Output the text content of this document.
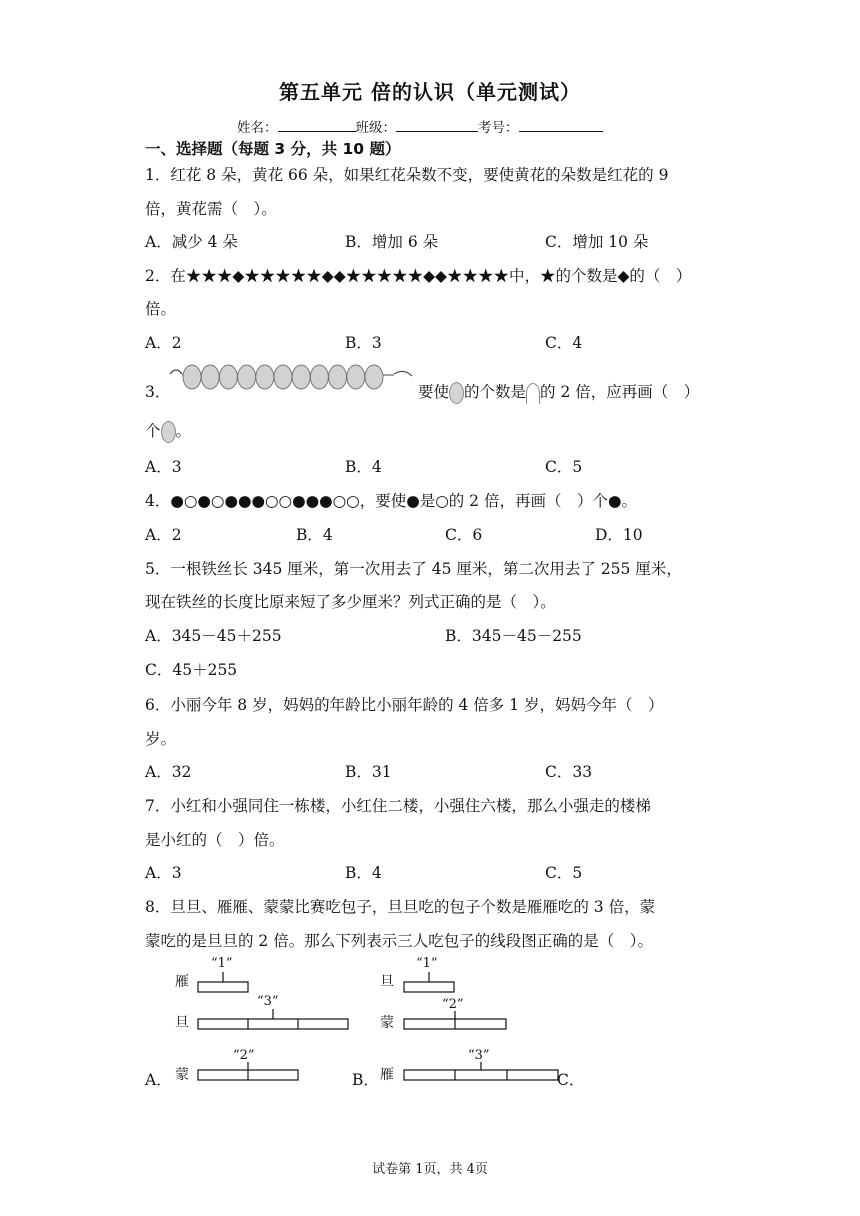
第五单元 倍的认识（单元测试）
姓名：	班级：	考号：
一、选择题（每题 3 分，共 10 题）
1．红花 8 朵，黄花 66 朵，如果红花朵数不变，要使黄花的朵数是红花的 9
倍，黄花需（　）。
A．减少 4 朵	B．增加 6 朵	C．增加 10 朵
2．在★★★◆★★★★★◆◆★★★★★◆◆★★★★中，★的个数是◆的（　）
倍。
A．2	B．3	C．4
3．	要使 的个数是 的 2 倍，应再画（　）
个 。
A．3	B．4	C．5
4．●○●○●●●○○●●●○○，要使●是○的 2 倍，再画（　）个●。
A．2	B．4	C．6	D．10
5．一根铁丝长 345 厘米，第一次用去了 45 厘米，第二次用去了 255 厘米，
现在铁丝的长度比原来短了多少厘米？列式正确的是（　）。
A．345－45＋255	B．345－45－255
C．45＋255
6．小丽今年 8 岁，妈妈的年龄比小丽年龄的 4 倍多 1 岁，妈妈今年（　）
岁。
A．32	B．31	C．33
7．小红和小强同住一栋楼，小红住二楼，小强住六楼，那么小强走的楼梯
是小红的（　）倍。
A．3	B．4	C．5
8．旦旦、雁雁、蒙蒙比赛吃包子，旦旦吃的包子个数是雁雁吃的 3 倍，蒙
蒙吃的是旦旦的 2 倍。那么下列表示三人吃包子的线段图正确的是（　）。
雁
旦
蒙
“1”
“3”
“2”
旦
蒙
雁
“1”
“2”
“3”
A．	B．	C．
试卷第 1页，共 4页
